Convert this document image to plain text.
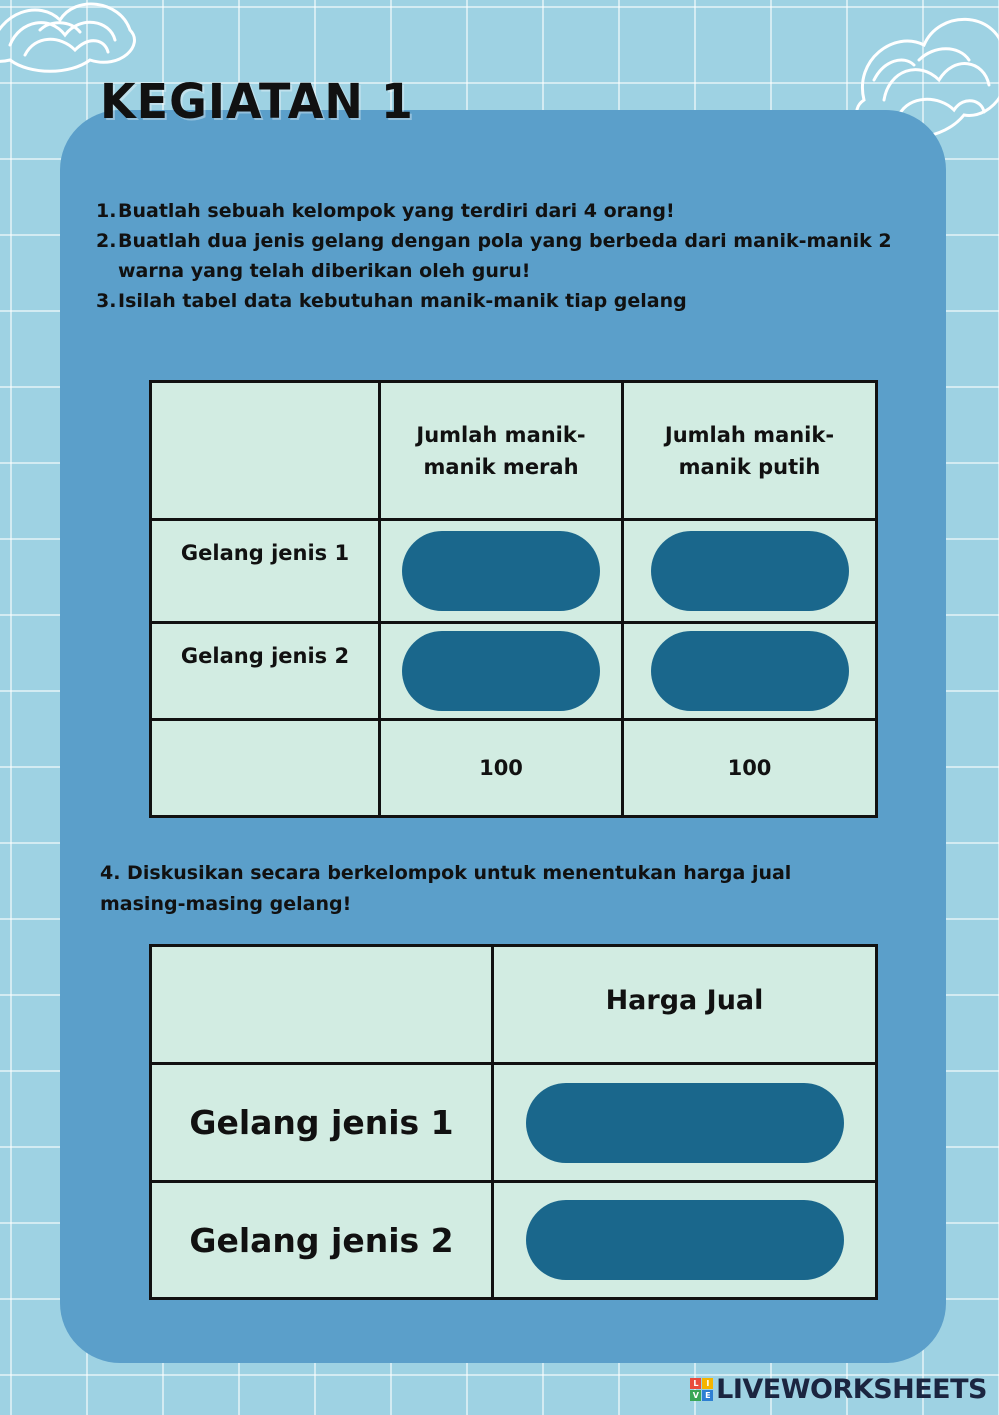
KEGIATAN 1
1. Buatlah sebuah kelompok yang terdiri dari 4 orang!
2. Buatlah dua jenis gelang dengan pola yang berbeda dari manik-manik 2 warna yang telah diberikan oleh guru!
3. Isilah tabel data kebutuhan manik-manik tiap gelang
	Jumlah manik-manik merah	Jumlah manik-manik putih
Gelang jenis 1	

Gelang jenis 2	

	100	100
4. Diskusikan secara berkelompok untuk menentukan harga jual masing-masing gelang!
	Harga Jual
Gelang jenis 1	

Gelang jenis 2	
L	I
V E LIVEWORKSHEETS
